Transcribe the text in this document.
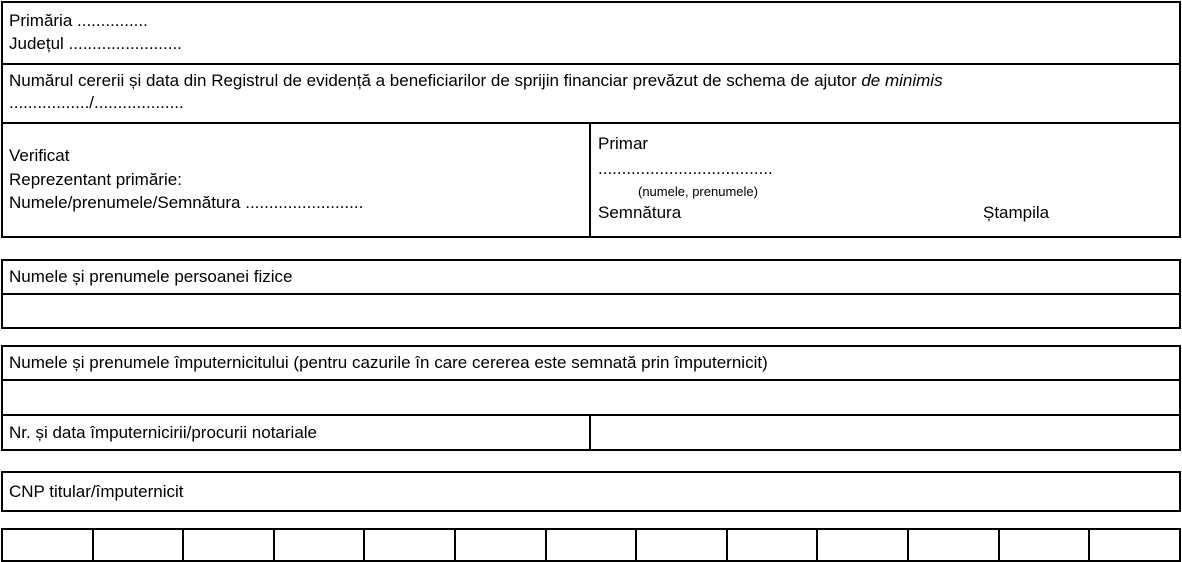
Primăria ...............
Județul ........................
Numărul cererii și data din Registrul de evidență a beneficiarilor de sprijin financiar prevăzut de schema de ajutor de minimis
................./...................
Verificat
Reprezentant primărie:
Numele/prenumele/Semnătura .........................
Primar
.....................................
(numele, prenumele)
Semnătura	Ștampila
Numele și prenumele persoanei fizice
Numele și prenumele împuternicitului (pentru cazurile în care cererea este semnată prin împuternicit)
Nr. și data împuternicirii/procurii notariale
CNP titular/împuternicit
